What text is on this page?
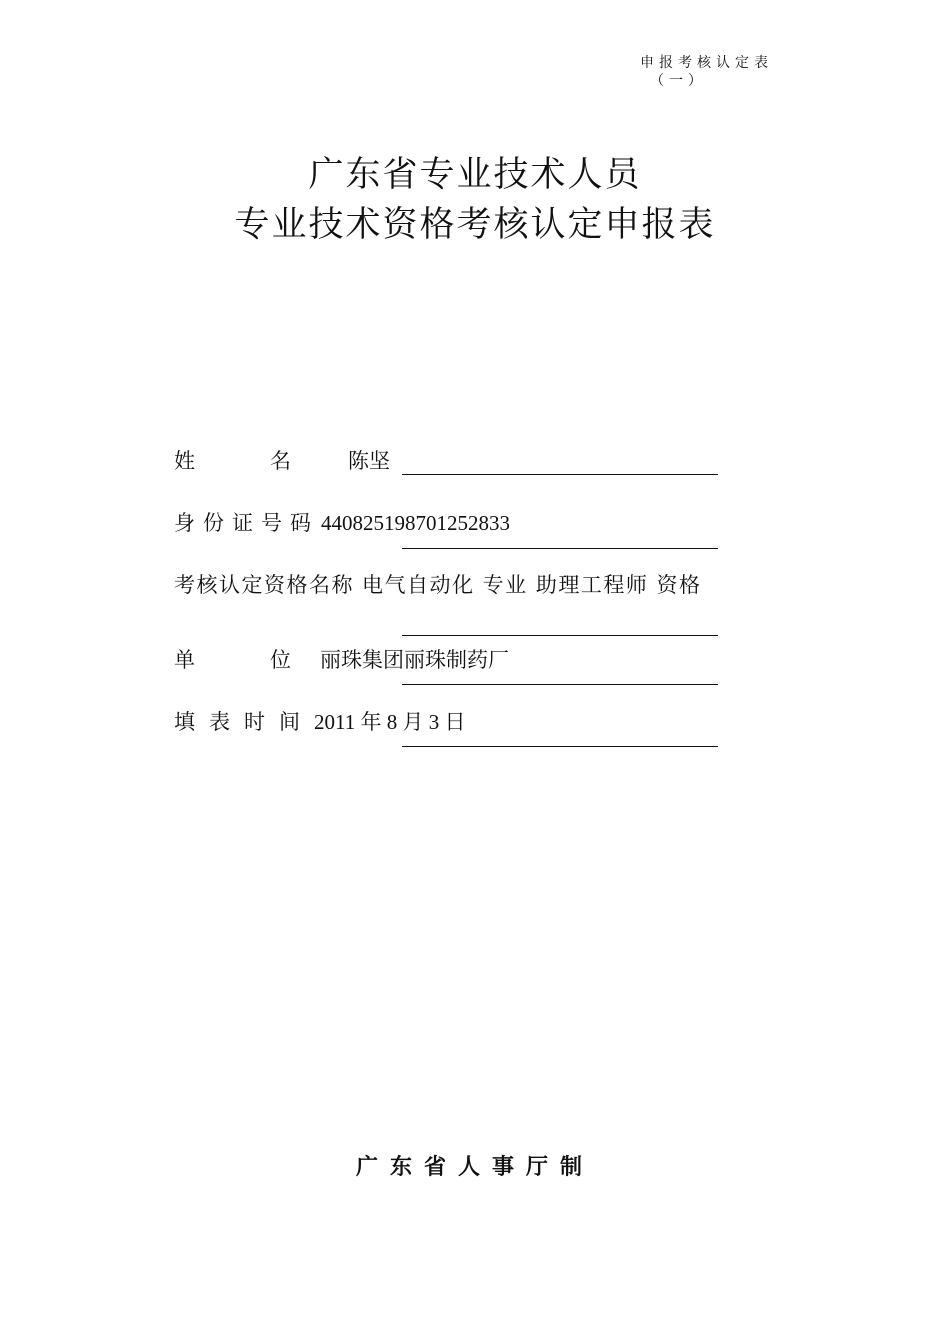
申报考核认定表
（一）
广东省专业技术人员
专业技术资格考核认定申报表
姓	名	陈坚
身份证号码440825198701252833
考核认定资格名称 电气自动化 专业 助理工程师 资格
单	位 丽珠集团丽珠制药厂
填表时间2011 年 8 月 3 日
广东省人事厅制
